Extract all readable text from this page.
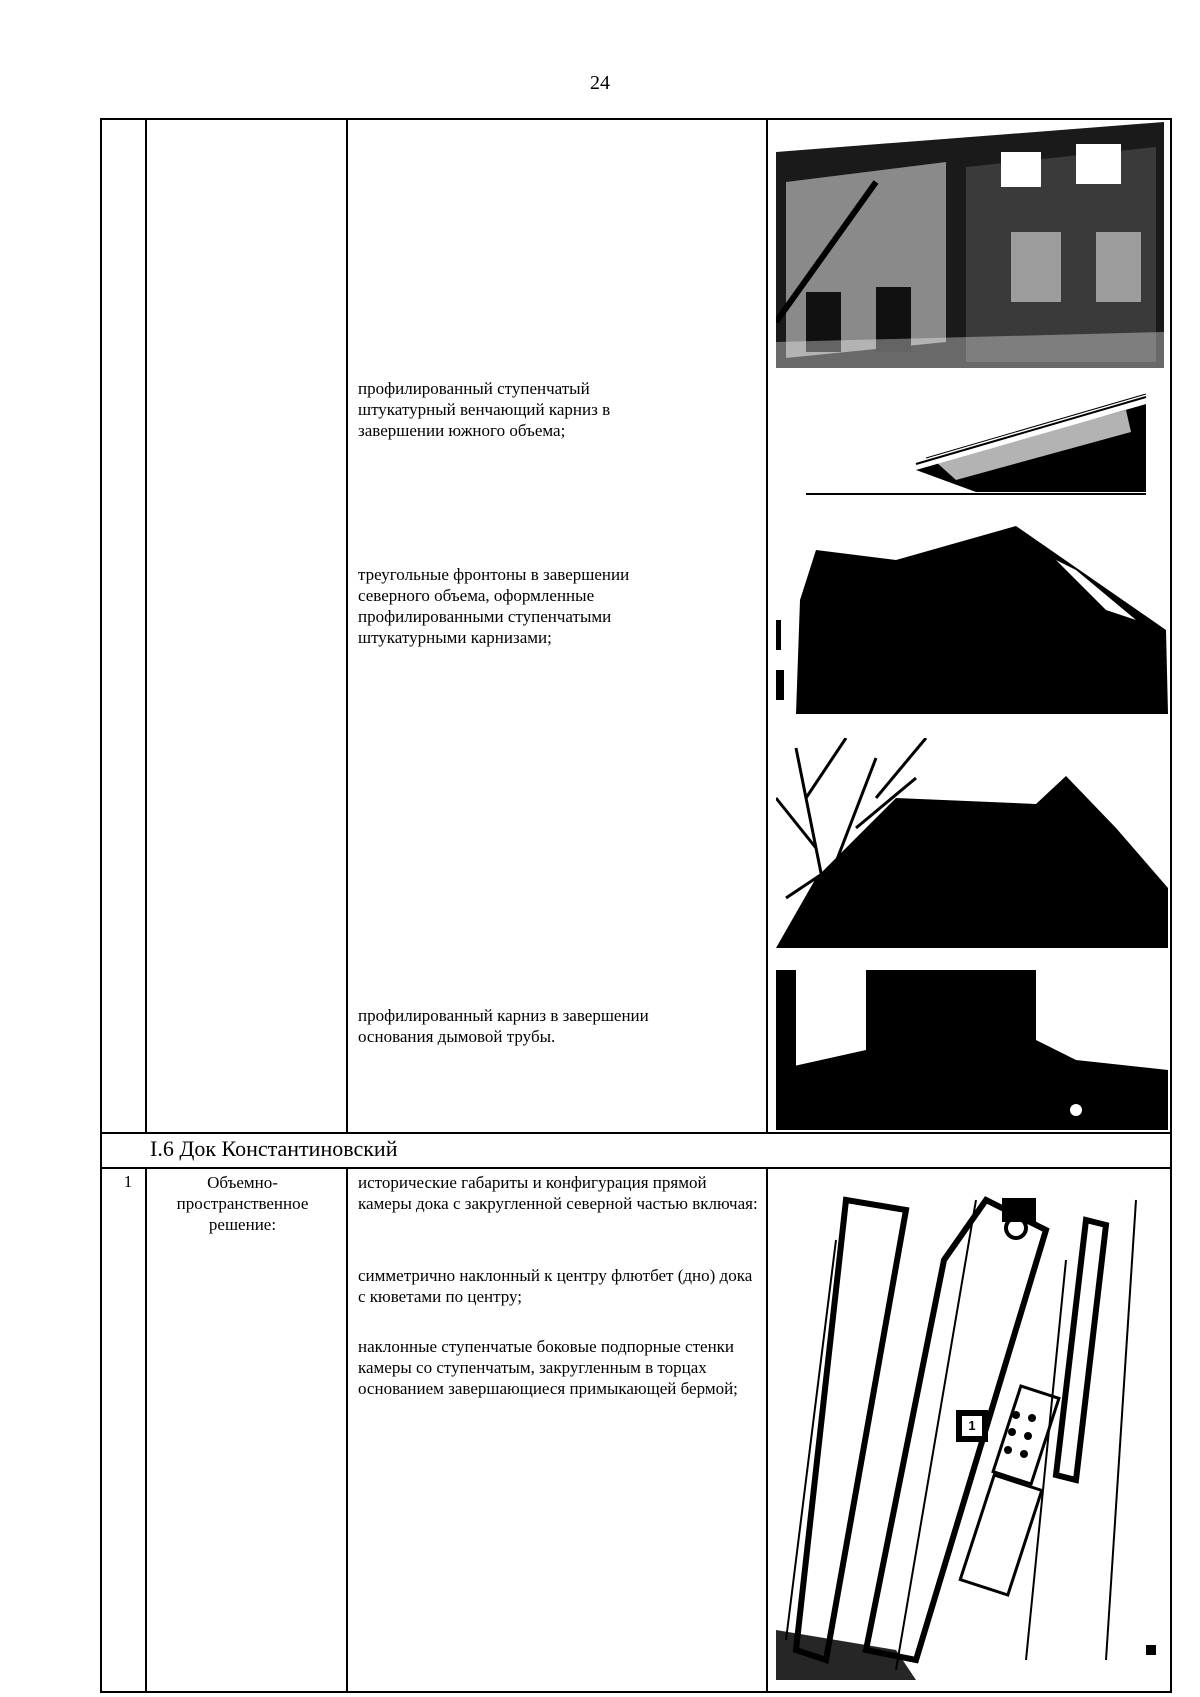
24
профилированный ступенчатый штукатурный венчающий карниз в завершении южного объема;
треугольные фронтоны в завершении северного объема, оформленные профилированными ступенчатыми штукатурными карнизами;
профилированный карниз в завершении основания дымовой трубы.
I.6 Док Константиновский
1	Объемно-пространственное решение:
исторические габариты и конфигурация прямой камеры дока с закругленной северной частью включая:
симметрично наклонный к центру флютбет (дно) дока с кюветами по центру;
наклонные ступенчатые боковые подпорные стенки камеры со ступенчатым, закругленным в торцах основанием завершающиеся примыкающей бермой;
1
